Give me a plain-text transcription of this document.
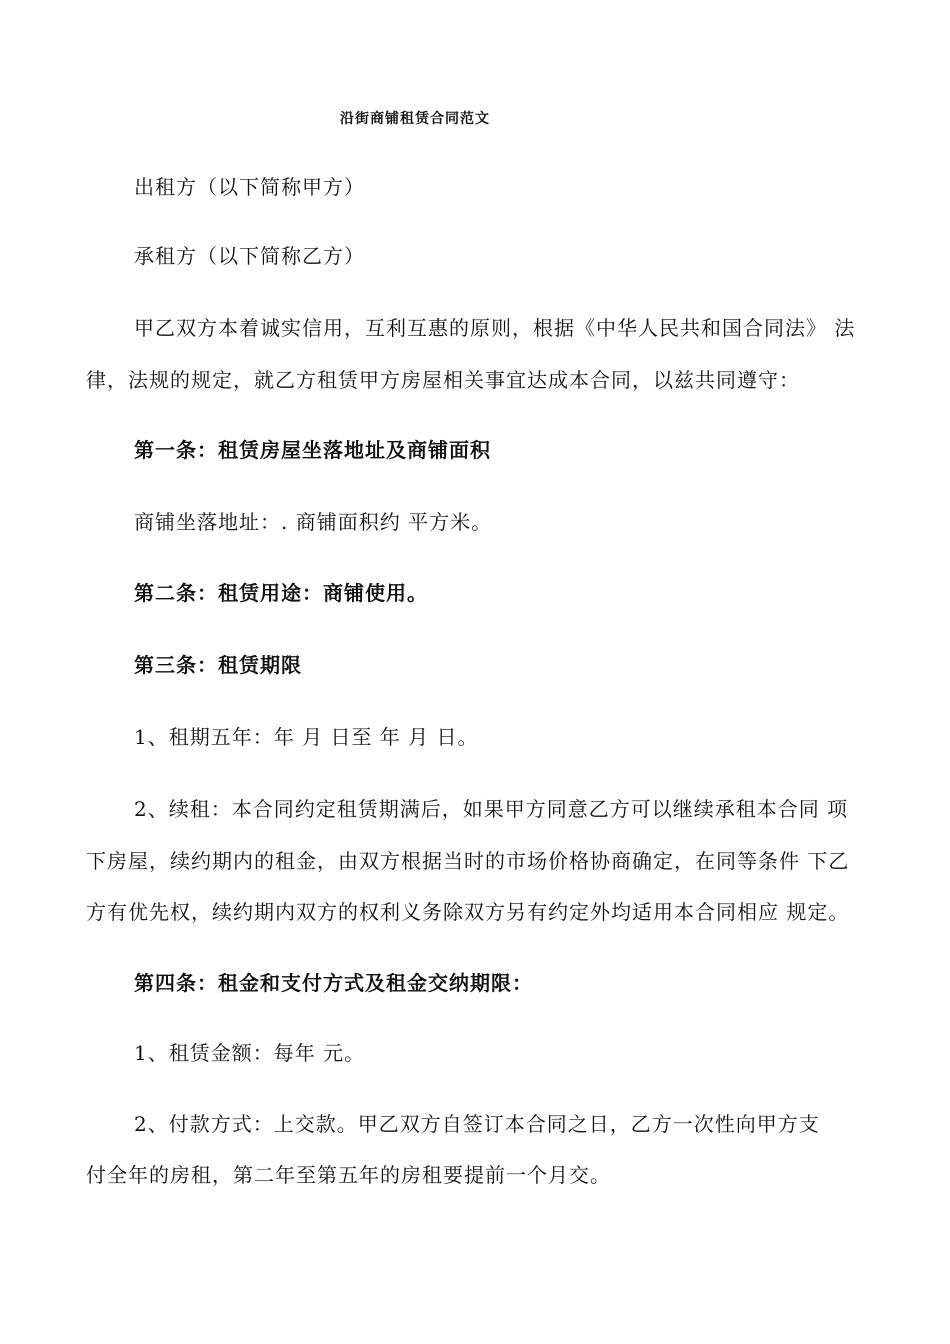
沿街商铺租赁合同范文
出租方（以下简称甲方）
承租方（以下简称乙方）
甲乙双方本着诚实信用，互利互惠的原则，根据《中华人民共和国合同法》 法
律，法规的规定，就乙方租赁甲方房屋相关事宜达成本合同，以兹共同遵守：
第一条：租赁房屋坐落地址及商铺面积
商铺坐落地址：. 商铺面积约 平方米。
第二条：租赁用途：商铺使用。
第三条：租赁期限
1、租期五年：年 月 日至 年 月 日。
2、续租：本合同约定租赁期满后，如果甲方同意乙方可以继续承租本合同 项
下房屋，续约期内的租金，由双方根据当时的市场价格协商确定，在同等条件 下乙
方有优先权，续约期内双方的权利义务除双方另有约定外均适用本合同相应 规定。
第四条：租金和支付方式及租金交纳期限：
1、租赁金额：每年 元。
2、付款方式：上交款。甲乙双方自签订本合同之日，乙方一次性向甲方支
付全年的房租，第二年至第五年的房租要提前一个月交。
